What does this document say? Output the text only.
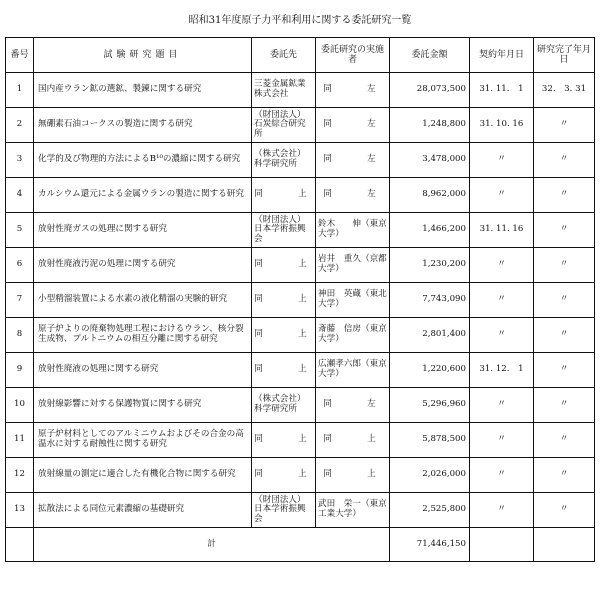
昭和31年度原子力平和利用に関する委託研究一覧
番号	試験研究題目	委託先	委託研究の実施者	委託金額	契約年月日	研究完了年月日
1	国内産ウラン鉱の選鉱、製錬に関する研究	三菱金属鉱業株式会社	同　　左	28,073,500	31. 11.　1	32.　3. 31
2	無硼素石油コークスの製造に関する研究	（財団法人）石炭綜合研究所	同　　左	1,248,800	31. 10. 16	〃
3	化学的及び物理的方法によるB¹⁰の濃縮に関する研究	（株式会社）科学研究所	同　　左	3,478,000	〃	〃
4	カルシウム還元による金属ウランの製造に関する研究	同　　上	同　　左	8,962,000	〃	〃
5	放射性廃ガスの処理に関する研究	（財団法人）日本学術振興会	鈴木　　伸（東京大学）	1,466,200	31. 11. 16	〃
6	放射性廃液汚泥の処理に関する研究	同　　上	岩井　重久（京都大学）	1,230,200	〃	〃
7	小型精溜装置による水素の液化精溜の実験的研究	同　　上	神田　英蔵（東北大学）	7,743,090	〃	〃
8	原子炉よりの廃棄物処理工程におけるウラン、核分裂生成物、プルトニウムの相互分離に関する研究	同　　上	斎藤　信房（東京大学）	2,801,400	〃	〃
9	放射性廃液の処理に関する研究	同　　上	広瀬孝六郎（東京大学）	1,220,600	31. 12.　1	〃
10	放射線影響に対する保護物質に関する研究	（株式会社）科学研究所	同　　左	5,296,960	〃	〃
11	原子炉材料としてのアルミニウムおよびその合金の高温水に対する耐蝕性に関する研究	同　　上	同　　上	5,878,500	〃	〃
12	放射線量の測定に適合した有機化合物に関する研究	同　　上	同　　上	2,026,000	〃	〃
13	拡散法による同位元素濃縮の基礎研究	（財団法人）日本学術振興会	武田　栄一（東京工業大学）	2,525,800	〃	〃
	計			71,446,150		
